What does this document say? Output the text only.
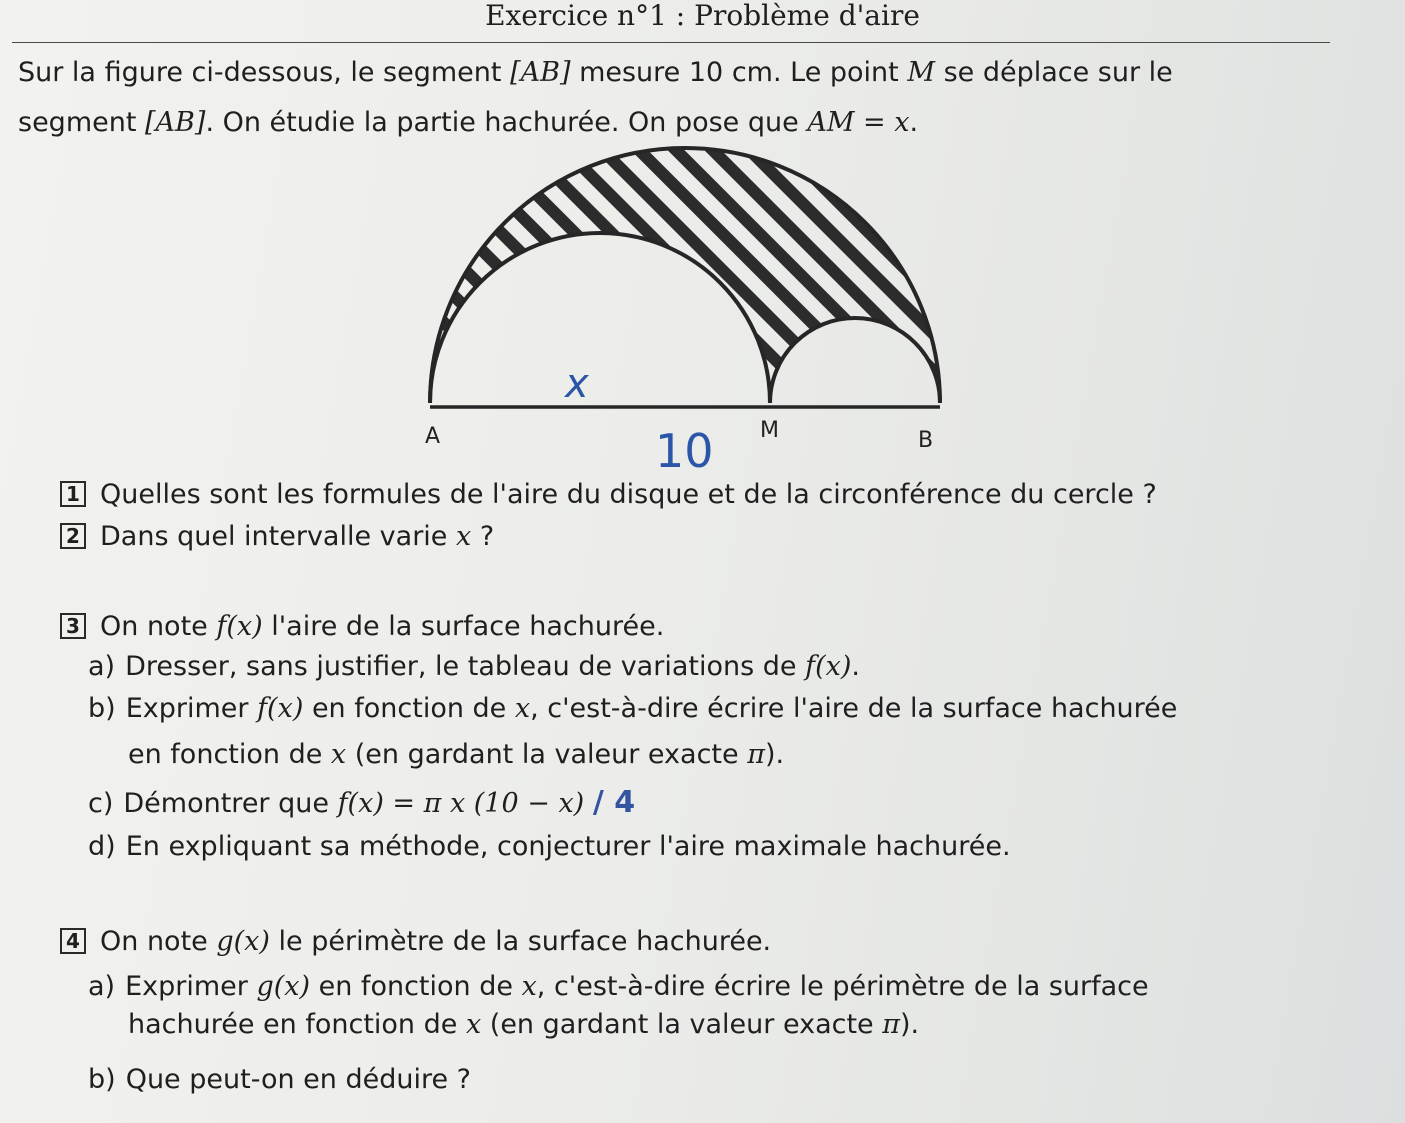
Exercice n°1 : Problème d'aire

Sur la figure ci-dessous, le segment [AB] mesure 10 cm. Le point M se déplace sur le

segment [AB]. On étudie la partie hachurée. On pose que AM = x.

A	M	B
x
10
1 Quelles sont les formules de l'aire du disque et de la circonférence du cercle ?
2 Dans quel intervalle varie x ?
3 On note f(x) l'aire de la surface hachurée.
a) Dresser, sans justifier, le tableau de variations de f(x).
b) Exprimer f(x) en fonction de x, c'est-à-dire écrire l'aire de la surface hachurée
en fonction de x (en gardant la valeur exacte π).
c) Démontrer que f(x) = π x (10 − x) / 4
d) En expliquant sa méthode, conjecturer l'aire maximale hachurée.
4 On note g(x) le périmètre de la surface hachurée.
a) Exprimer g(x) en fonction de x, c'est-à-dire écrire le périmètre de la surface
hachurée en fonction de x (en gardant la valeur exacte π).
b) Que peut-on en déduire ?
